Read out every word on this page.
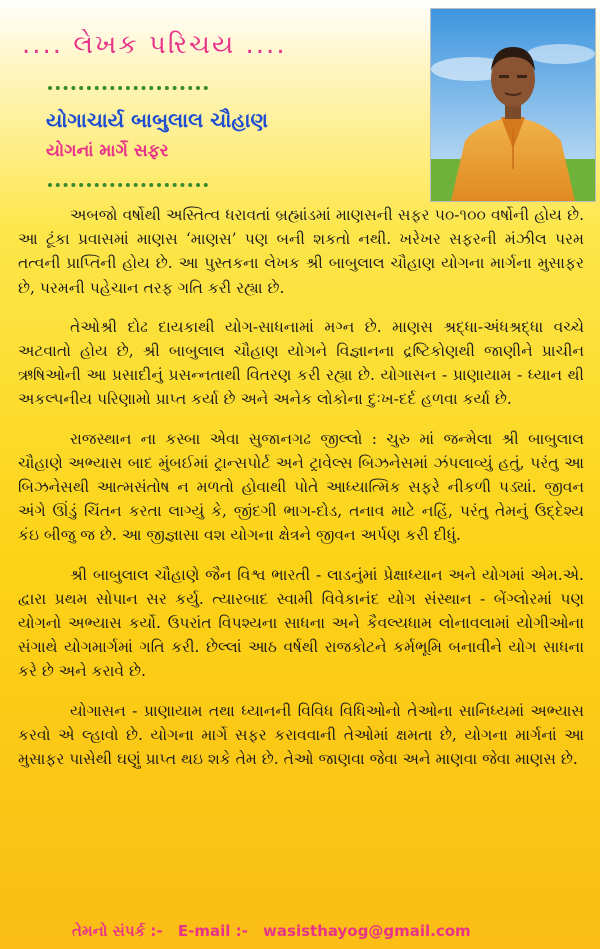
.... લેખક પરિચય ....
યોગાચાર્ય બાબુલાલ ચૌહાણ
યોગનાં માર્ગે સફર

અબજો વર્ષોથી અસ્તિત્વ ધરાવતાં બ્રહ્માંડમાં માણસની સફર ૫૦-૧૦૦ વર્ષોની હોય છે. આ ટૂંકા પ્રવાસમાં માણસ ‘માણસ’ પણ બની શકતો નથી. ખરેખર સફરની મંઝીલ પરમ તત્વની પ્રાપ્તિની હોય છે. આ પુસ્તકના લેખક શ્રી બાબુલાલ ચૌહાણ યોગના માર્ગના મુસાફર છે, પરમની પહેચાન તરફ ગતિ કરી રહ્યા છે.

તેઓશ્રી દોઢ દાયકાથી યોગ-સાધનામાં મગ્ન છે. માણસ શ્રદ્ધા-અંધશ્રદ્ધા વચ્ચે અટવાતો હોય છે, શ્રી બાબુલાલ ચૌહાણ યોગને વિજ્ઞાનના દ્રષ્ટિકોણથી જાણીને પ્રાચીન ઋષિઓની આ પ્રસાદીનું પ્રસન્નતાથી વિતરણ કરી રહ્યા છે. યોગાસન - પ્રાણાયામ - ધ્યાન થી અકલ્પનીય પરિણામો પ્રાપ્ત કર્યા છે અને અનેક લોકોના દુઃખ-દર્દ હળવા કર્યા છે.

રાજસ્થાન ના કસ્બા એવા સુજાનગઢ જીલ્લો : ચુરુ માં જન્મેલા શ્રી બાબુલાલ ચૌહાણે અભ્યાસ બાદ મુંબઈમાં ટ્રાન્સપોર્ટ અને ટ્રાવેલ્સ બિઝનેસમાં ઝંપલાવ્યું હતું, પરંતુ આ બિઝનેસથી આત્મસંતોષ ન મળતો હોવાથી પોતે આધ્યાત્મિક સફરે નીકળી પડ્યાં. જીવન અંગે ઊંડું ચિંતન કરતા લાગ્યું કે, જીંદગી ભાગ-દોડ, તનાવ માટે નહિં, પરંતુ તેમનું ઉદ્દેશ્ય કંઇ બીજુ જ છે. આ જીજ્ઞાસા વશ યોગના ક્ષેત્રને જીવન અર્પણ કરી દીધું.

શ્રી બાબુલાલ ચૌહાણે જૈન વિશ્વ ભારતી - લાડનુંમાં પ્રેક્ષાધ્યાન અને યોગમાં એમ.એ. દ્વારા પ્રથમ સોપાન સર કર્યુ. ત્યારબાદ સ્વામી વિવેકાનંદ યોગ સંસ્થાન - બેંગ્લોરમાં પણ યોગનો અભ્યાસ કર્યો. ઉપરાંત વિપશ્યના સાધના અને કૈવલ્યધામ લોનાવલામાં યોગીઓના સંગાથે યોગમાર્ગમાં ગતિ કરી. છેલ્લાં આઠ વર્ષથી રાજકોટને કર્મભૂમિ બનાવીને યોગ સાધના કરે છે અને કરાવે છે.

યોગાસન - પ્રાણાયામ તથા ધ્યાનની વિવિધ વિધિઓનો તેઓના સાનિધ્યમાં અભ્યાસ કરવો એ લ્હાવો છે. યોગના માર્ગે સફર કરાવવાની તેઓમાં ક્ષમતા છે, યોગના માર્ગનાં આ મુસાફર પાસેથી ઘણું પ્રાપ્ત થઇ શકે તેમ છે. તેઓ જાણવા જેવા અને માણવા જેવા માણસ છે.

તેમનો સંપર્ક :- E-mail :- wasisthayog@gmail.com
